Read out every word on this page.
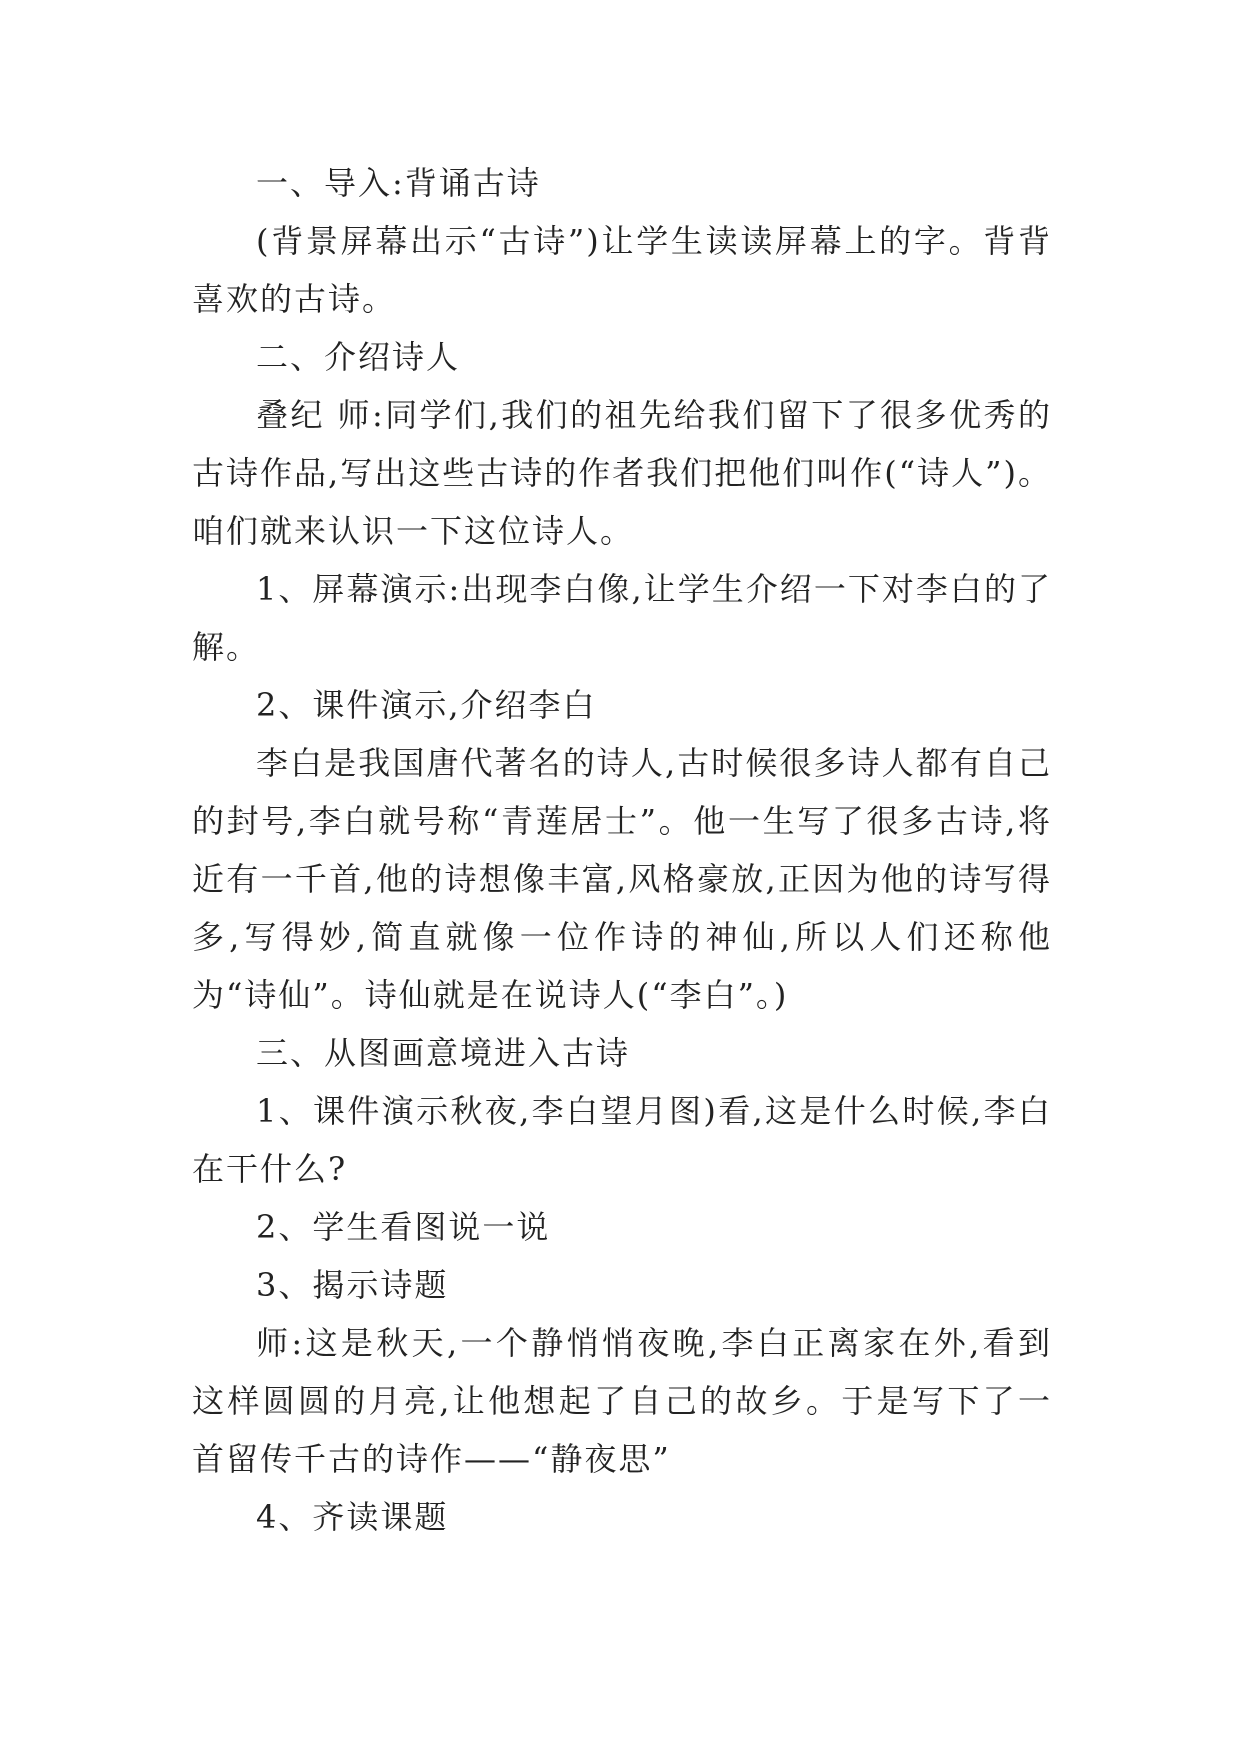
一、导入:背诵古诗

(背景屏幕出示“古诗”)让学生读读屏幕上的字。背背喜欢的古诗。

二、介绍诗人

叠纪 师:同学们,我们的祖先给我们留下了很多优秀的古诗作品,写出这些古诗的作者我们把他们叫作(“诗人”)。咱们就来认识一下这位诗人。

1、屏幕演示:出现李白像,让学生介绍一下对李白的了解。

2、课件演示,介绍李白

李白是我国唐代著名的诗人,古时候很多诗人都有自己的封号,李白就号称“青莲居士”。他一生写了很多古诗,将近有一千首,他的诗想像丰富,风格豪放,正因为他的诗写得多,写得妙,简直就像一位作诗的神仙,所以人们还称他为“诗仙”。诗仙就是在说诗人(“李白”。)

三、从图画意境进入古诗

1、课件演示秋夜,李白望月图)看,这是什么时候,李白在干什么?

2、学生看图说一说

3、揭示诗题

师:这是秋天,一个静悄悄夜晚,李白正离家在外,看到这样圆圆的月亮,让他想起了自己的故乡。于是写下了一首留传千古的诗作——“静夜思”

4、齐读课题
